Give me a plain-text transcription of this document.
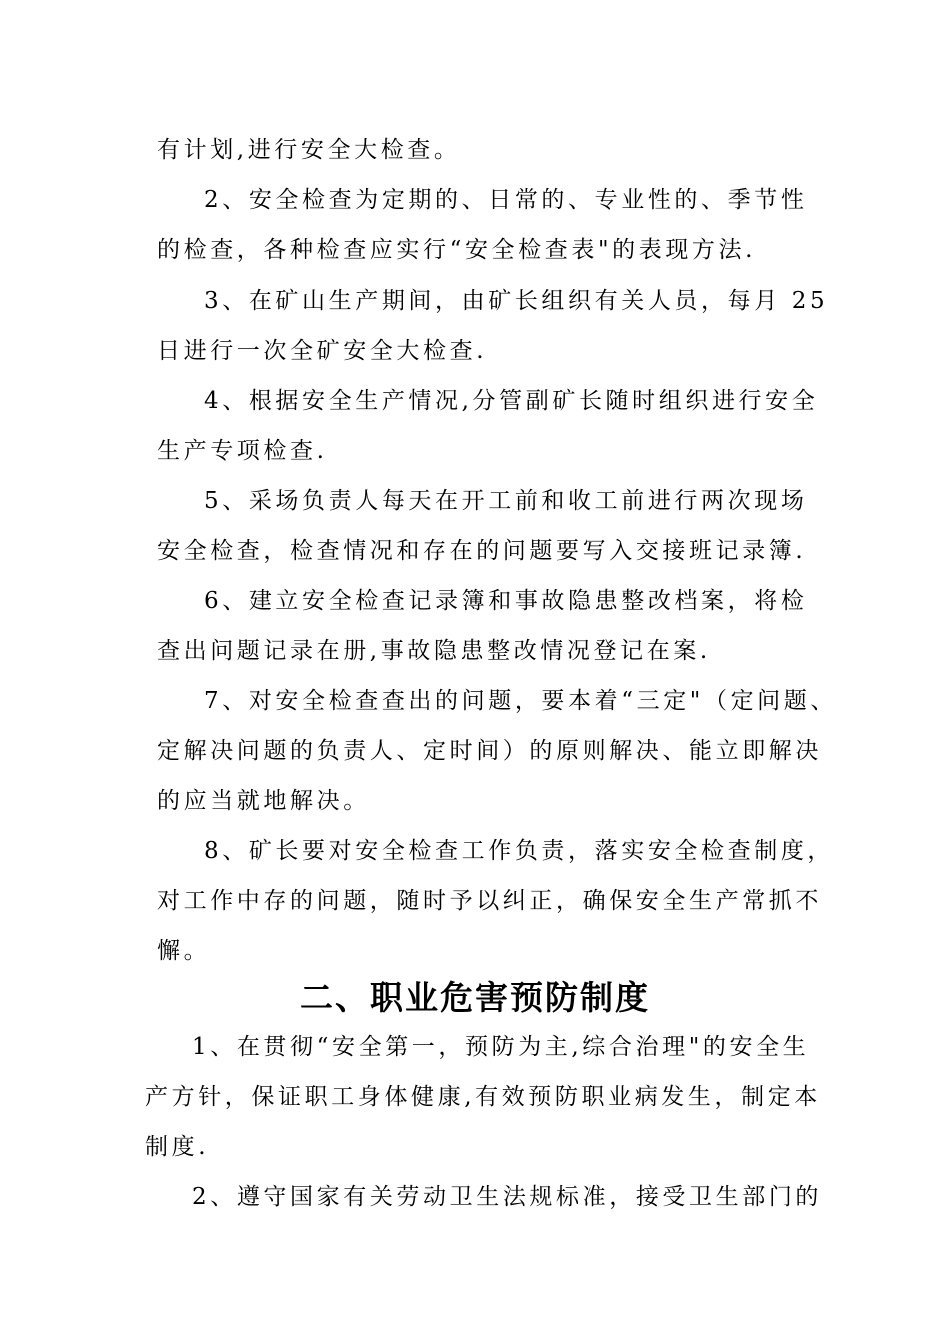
有计划,进行安全大检查。
2、安全检查为定期的、日常的、专业性的、季节性
的检查，各种检查应实行“安全检查表"的表现方法.
3、在矿山生产期间，由矿长组织有关人员，每月 25
日进行一次全矿安全大检查.
4、根据安全生产情况,分管副矿长随时组织进行安全
生产专项检查.
5、采场负责人每天在开工前和收工前进行两次现场
安全检查，检查情况和存在的问题要写入交接班记录簿.
6、建立安全检查记录簿和事故隐患整改档案，将检
查出问题记录在册,事故隐患整改情况登记在案.
7、对安全检查查出的问题，要本着“三定"（定问题、
定解决问题的负责人、定时间）的原则解决、能立即解决
的应当就地解决。
8、矿长要对安全检查工作负责，落实安全检查制度，
对工作中存的问题，随时予以纠正，确保安全生产常抓不
懈。
二、职业危害预防制度
1、在贯彻“安全第一，预防为主,综合治理"的安全生
产方针，保证职工身体健康,有效预防职业病发生，制定本
制度.
2、遵守国家有关劳动卫生法规标准，接受卫生部门的
